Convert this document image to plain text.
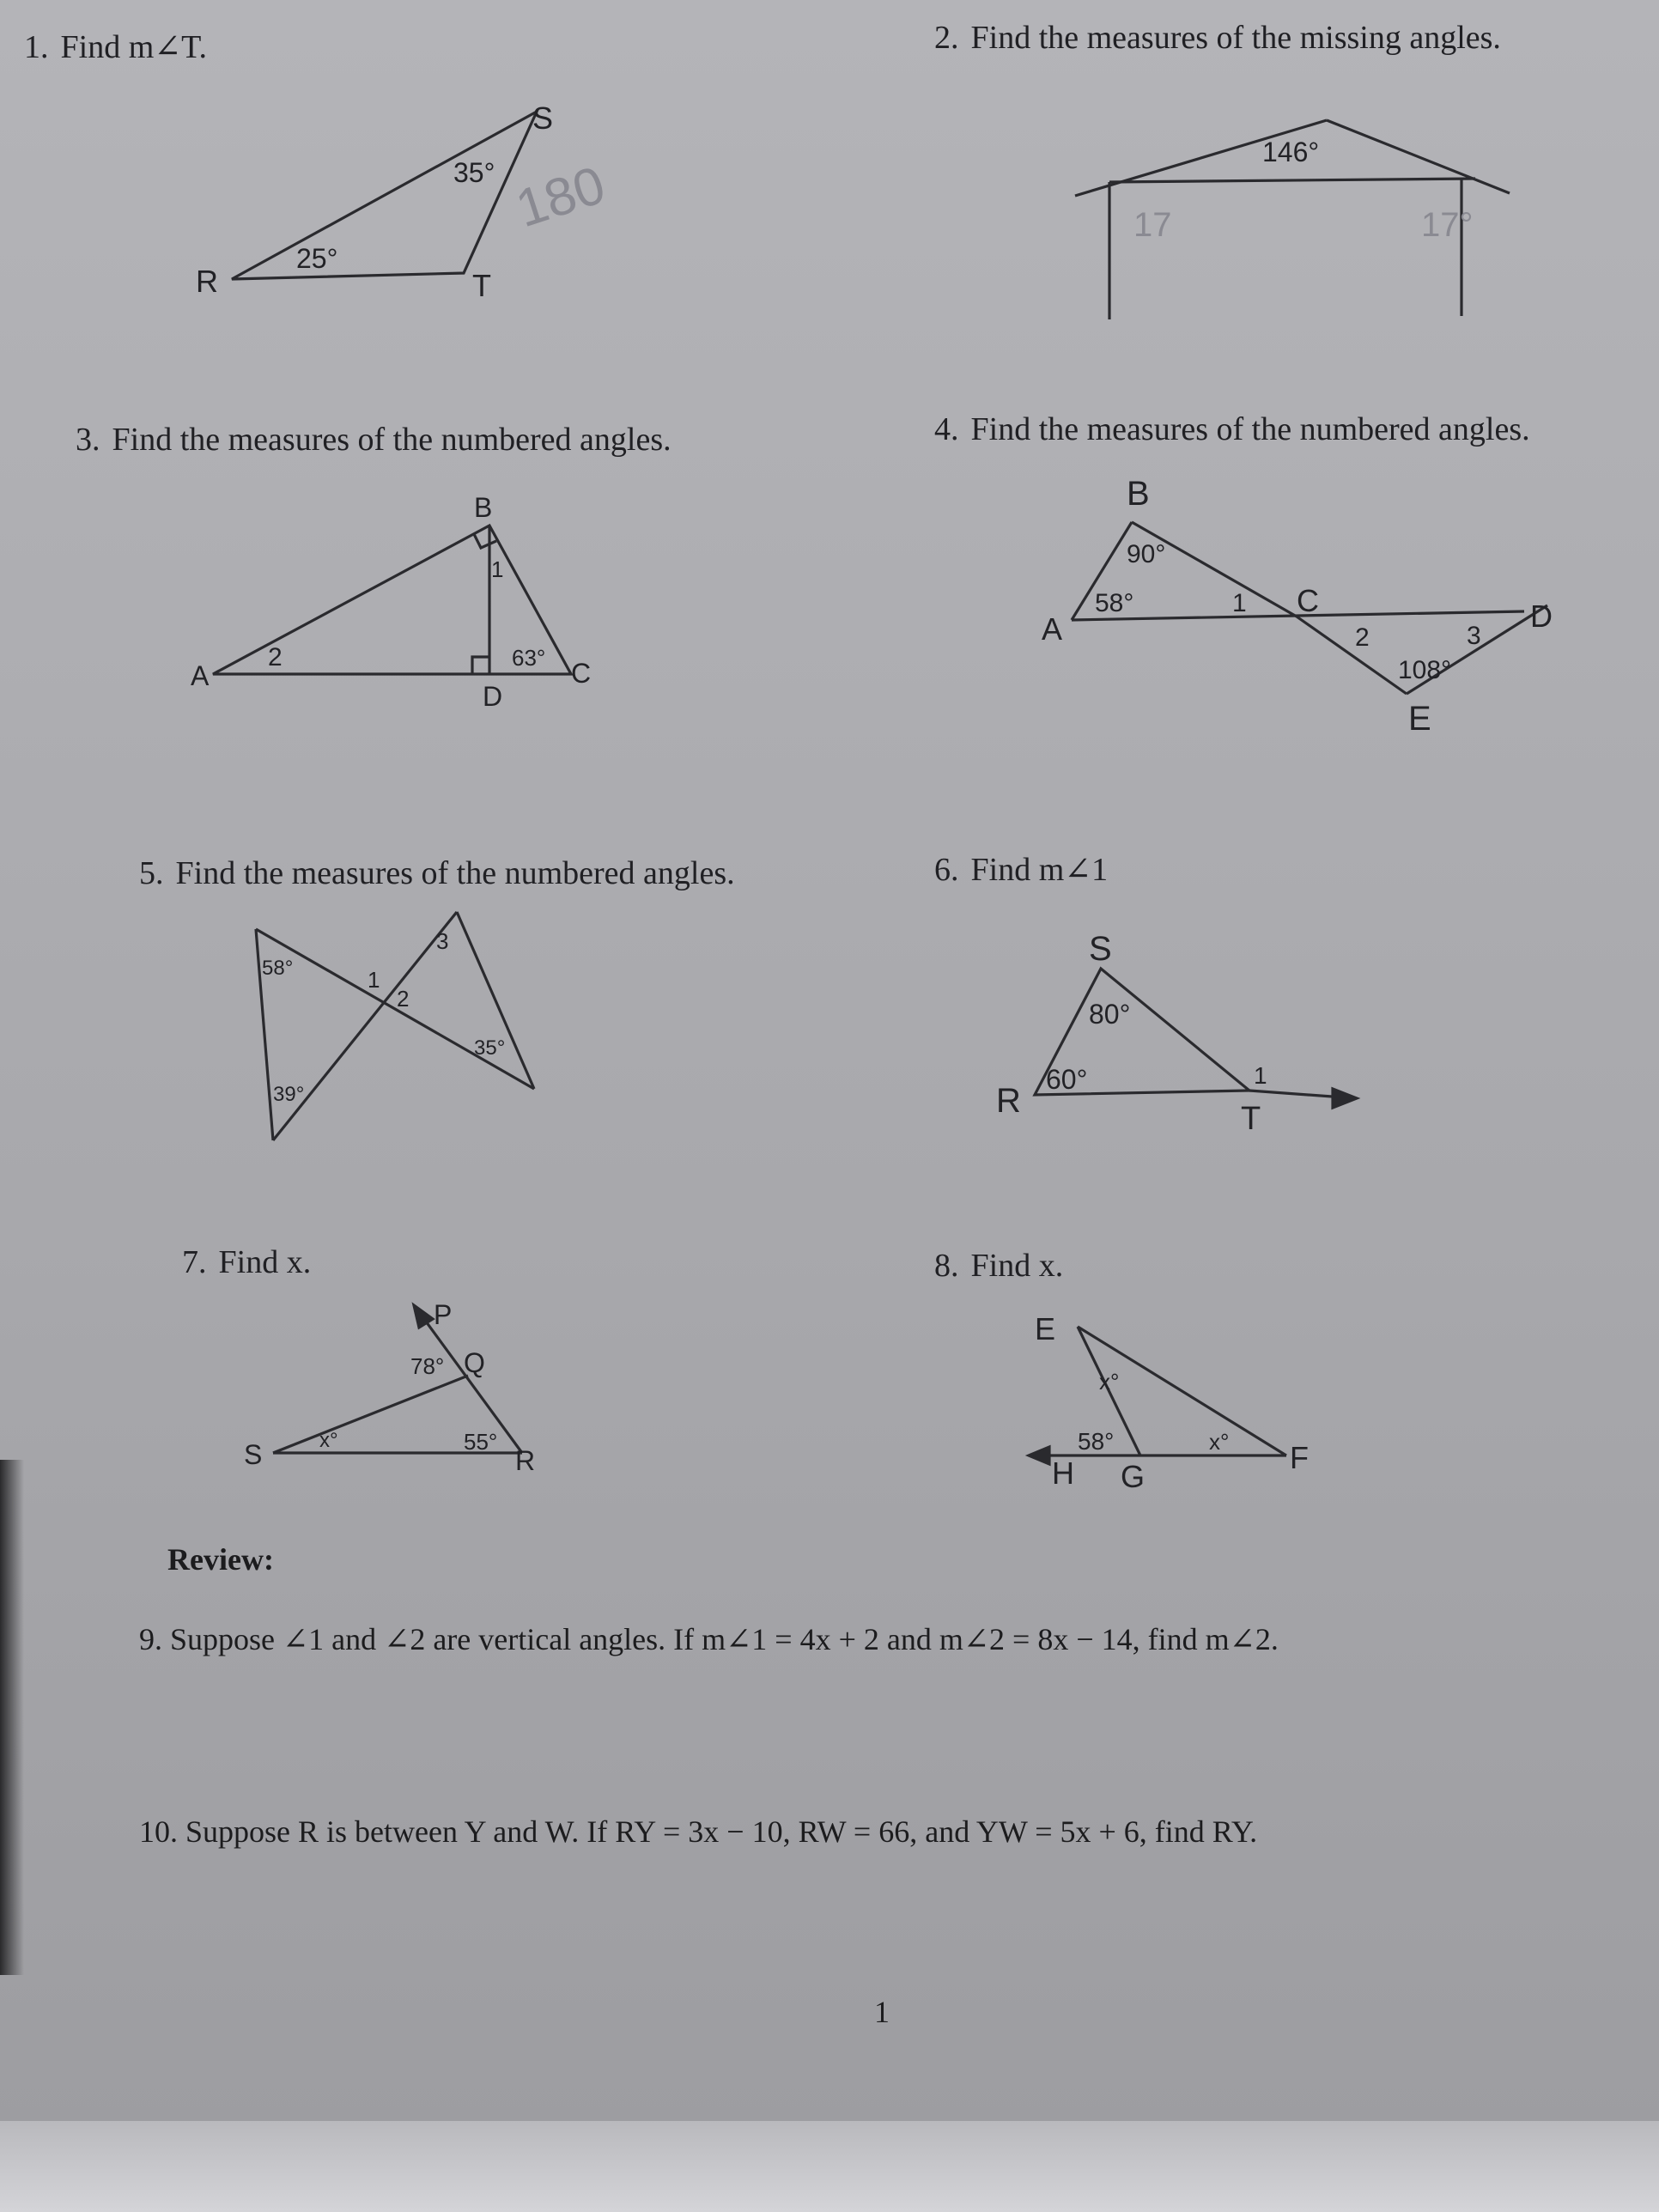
1. Find m∠T.	2. Find the measures of the missing angles.
3. Find the measures of the numbered angles.	4. Find the measures of the numbered angles.
5. Find the measures of the numbered angles.	6. Find m∠1
7. Find x.	8. Find x.
R
S
T
25°
35° 180
146°
17	17°
A
B
C
D
1
2	63°
A
B
C	D
E
90°
58°
108°
1
2	3
58°
39°
35°
1
2
3	S
R	T
80°
60°	1
P
Q
R
S
78°
55°
x°
E
F
G
H
x°
58°	x°
Review:
9. Suppose ∠1 and ∠2 are vertical angles. If m∠1 = 4x + 2 and m∠2 = 8x − 14, find m∠2.
10. Suppose R is between Y and W. If RY = 3x − 10, RW = 66, and YW = 5x + 6, find RY.
1
